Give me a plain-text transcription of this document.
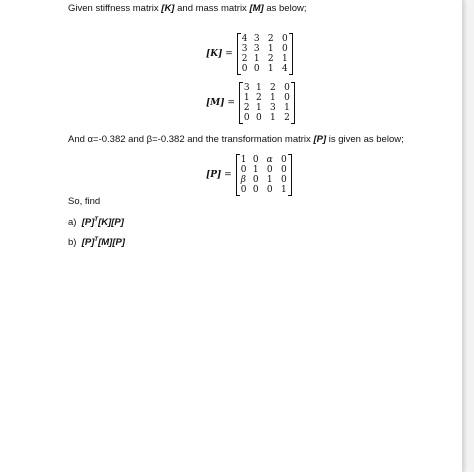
Given stiffness matrix [K] and mass matrix [M] as below;
[K] =
4 3 2 0
3 3 1 0
2 1 2 1
0 0 1 4
[M] =
3 1 2 0
1 2 1 0
2 1 3 1
0 0 1 2
And α=-0.382 and β=-0.382 and the transformation matrix [P] is given as below;
[P] =
1 0 α 0
0 1 0 0
β 0 1 0
0 0 0 1
So, find
a) $[P]^T[K][P]$
b) $[P]^T[M][P]$
